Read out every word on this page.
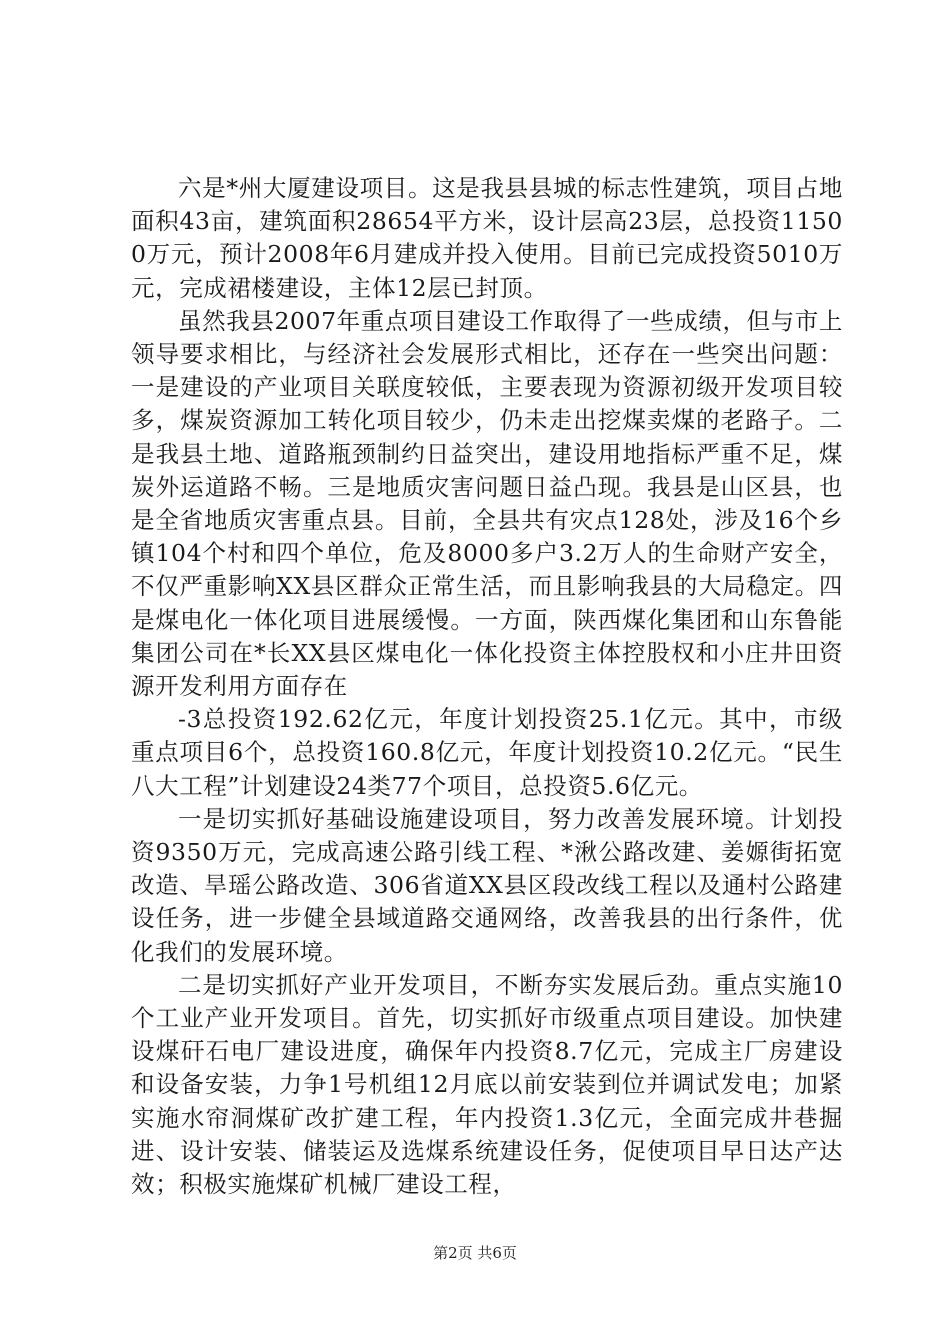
六是*州大厦建设项目。这是我县县城的标志性建筑，项目占地面积43亩，建筑面积28654平方米，设计层高23层，总投资11500万元，预计2008年6月建成并投入使用。目前已完成投资5010万元，完成裙楼建设，主体12层已封顶。

虽然我县2007年重点项目建设工作取得了一些成绩，但与市上领导要求相比，与经济社会发展形式相比，还存在一些突出问题：一是建设的产业项目关联度较低，主要表现为资源初级开发项目较多，煤炭资源加工转化项目较少，仍未走出挖煤卖煤的老路子。二是我县土地、道路瓶颈制约日益突出，建设用地指标严重不足，煤炭外运道路不畅。三是地质灾害问题日益凸现。我县是山区县，也是全省地质灾害重点县。目前，全县共有灾点128处，涉及16个乡镇104个村和四个单位，危及8000多户3.2万人的生命财产安全，不仅严重影响XX县区群众正常生活，而且影响我县的大局稳定。四是煤电化一体化项目进展缓慢。一方面，陕西煤化集团和山东鲁能集团公司在*长XX县区煤电化一体化投资主体控股权和小庄井田资源开发利用方面存在

-3总投资192.62亿元，年度计划投资25.1亿元。其中，市级重点项目6个，总投资160.8亿元，年度计划投资10.2亿元。“民生八大工程”计划建设24类77个项目，总投资5.6亿元。

一是切实抓好基础设施建设项目，努力改善发展环境。计划投资9350万元，完成高速公路引线工程、*湫公路改建、姜嫄街拓宽改造、旱瑶公路改造、306省道XX县区段改线工程以及通村公路建设任务，进一步健全县域道路交通网络，改善我县的出行条件，优化我们的发展环境。

二是切实抓好产业开发项目，不断夯实发展后劲。重点实施10个工业产业开发项目。首先，切实抓好市级重点项目建设。加快建设煤矸石电厂建设进度，确保年内投资8.7亿元，完成主厂房建设和设备安装，力争1号机组12月底以前安装到位并调试发电；加紧实施水帘洞煤矿改扩建工程，年内投资1.3亿元，全面完成井巷掘进、设计安装、储装运及选煤系统建设任务，促使项目早日达产达效；积极实施煤矿机械厂建设工程，

第2页 共6页
